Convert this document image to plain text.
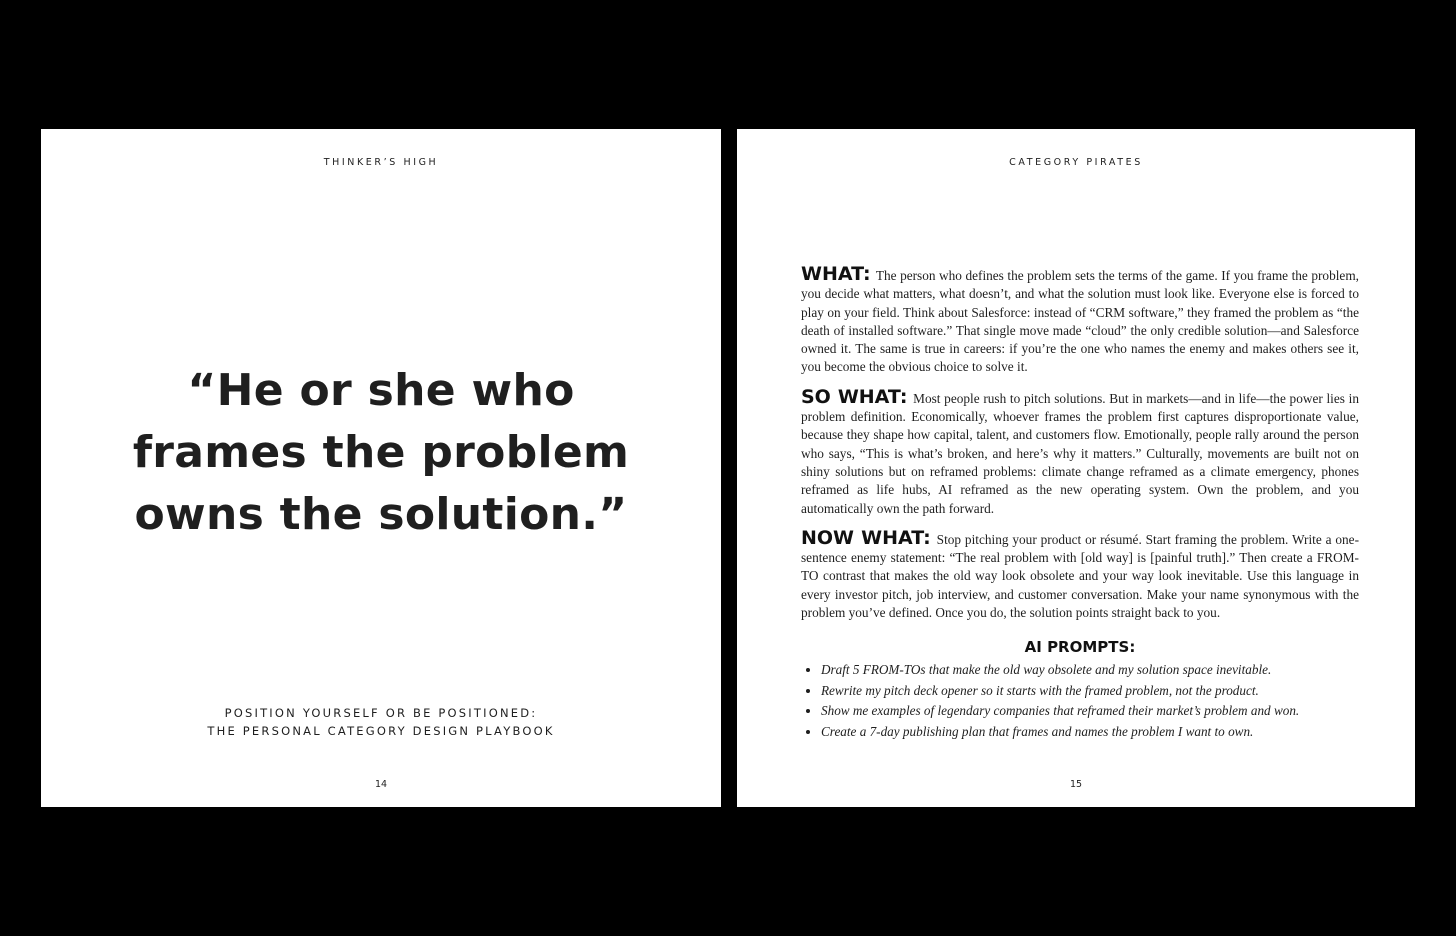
THINKER’S HIGH
“He or she who
frames the problem
owns the solution.”
POSITION YOURSELF OR BE POSITIONED:
THE PERSONAL CATEGORY DESIGN PLAYBOOK
14
CATEGORY PIRATES

WHAT: The person who defines the problem sets the terms of the game. If you frame the problem, you decide what matters, what doesn’t, and what the solution must look like. Everyone else is forced to play on your field. Think about Salesforce: instead of “CRM software,” they framed the problem as “the death of installed software.” That single move made “cloud” the only credible solution—and Salesforce owned it. The same is true in careers: if you’re the one who names the enemy and makes others see it, you become the obvious choice to solve it.

SO WHAT: Most people rush to pitch solutions. But in markets—and in life—the power lies in problem definition. Economically, whoever frames the problem first captures disproportionate value, because they shape how capital, talent, and customers flow. Emotionally, people rally around the person who says, “This is what’s broken, and here’s why it matters.” Culturally, movements are built not on shiny solutions but on reframed problems: climate change reframed as a climate emergency, phones reframed as life hubs, AI reframed as the new operating system. Own the problem, and you automatically own the path forward.

NOW WHAT: Stop pitching your product or résumé. Start framing the problem. Write a one-sentence enemy statement: “The real problem with [old way] is [painful truth].” Then create a FROM-TO contrast that makes the old way look obsolete and your way look inevitable. Use this language in every investor pitch, job interview, and customer conversation. Make your name synonymous with the problem you’ve defined. Once you do, the solution points straight back to you.

AI PROMPTS:
• Draft 5 FROM-TOs that make the old way obsolete and my solution space inevitable.
• Rewrite my pitch deck opener so it starts with the framed problem, not the product.
• Show me examples of legendary companies that reframed their market’s problem and won.
• Create a 7-day publishing plan that frames and names the problem I want to own.
15
